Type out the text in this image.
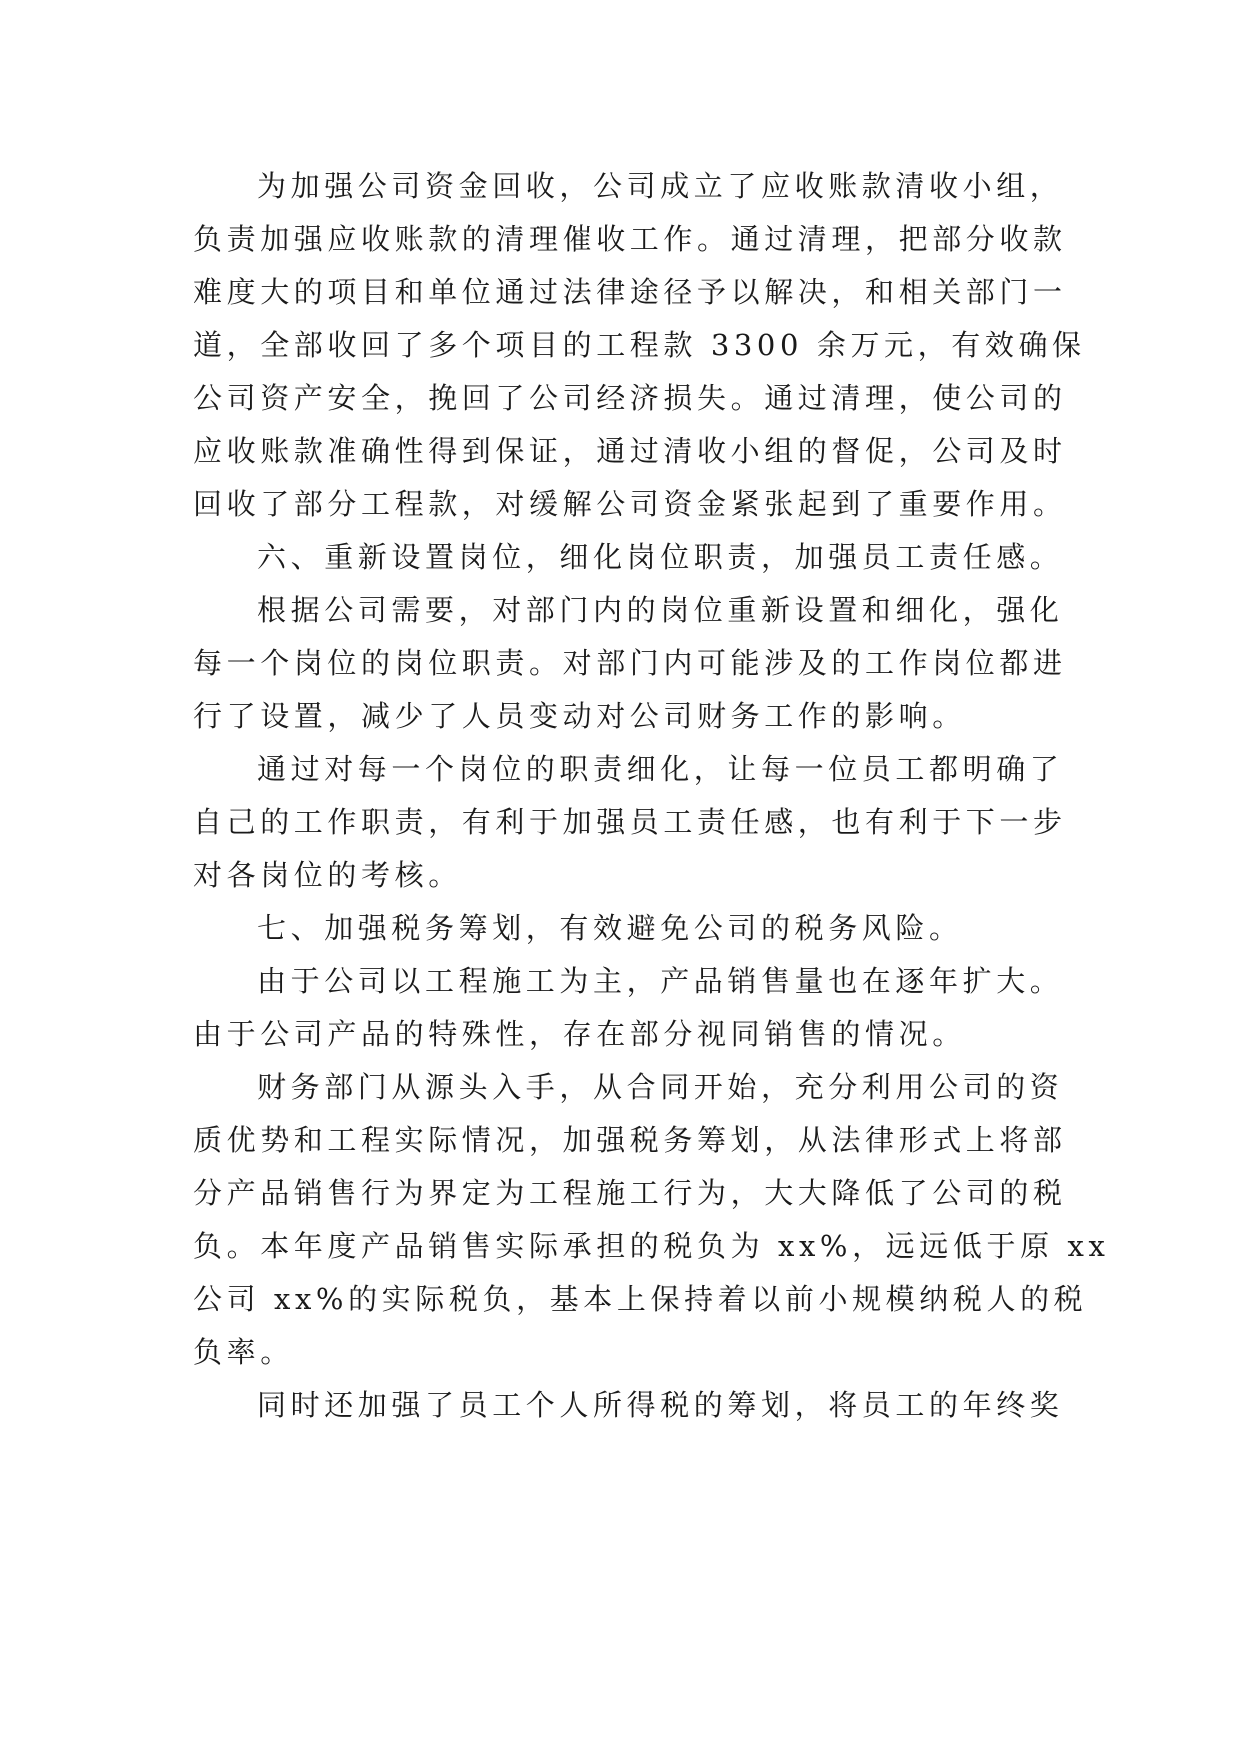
为加强公司资金回收，公司成立了应收账款清收小组，
负责加强应收账款的清理催收工作。通过清理，把部分收款
难度大的项目和单位通过法律途径予以解决，和相关部门一
道，全部收回了多个项目的工程款 3300 余万元，有效确保
公司资产安全，挽回了公司经济损失。通过清理，使公司的
应收账款准确性得到保证，通过清收小组的督促，公司及时
回收了部分工程款，对缓解公司资金紧张起到了重要作用。
六、重新设置岗位，细化岗位职责，加强员工责任感。
根据公司需要，对部门内的岗位重新设置和细化，强化
每一个岗位的岗位职责。对部门内可能涉及的工作岗位都进
行了设置，减少了人员变动对公司财务工作的影响。
通过对每一个岗位的职责细化，让每一位员工都明确了
自己的工作职责，有利于加强员工责任感，也有利于下一步
对各岗位的考核。
七、加强税务筹划，有效避免公司的税务风险。
由于公司以工程施工为主，产品销售量也在逐年扩大。
由于公司产品的特殊性，存在部分视同销售的情况。
财务部门从源头入手，从合同开始，充分利用公司的资
质优势和工程实际情况，加强税务筹划，从法律形式上将部
分产品销售行为界定为工程施工行为，大大降低了公司的税
负。本年度产品销售实际承担的税负为 xx%，远远低于原 xx
公司 xx%的实际税负，基本上保持着以前小规模纳税人的税
负率。
同时还加强了员工个人所得税的筹划，将员工的年终奖
